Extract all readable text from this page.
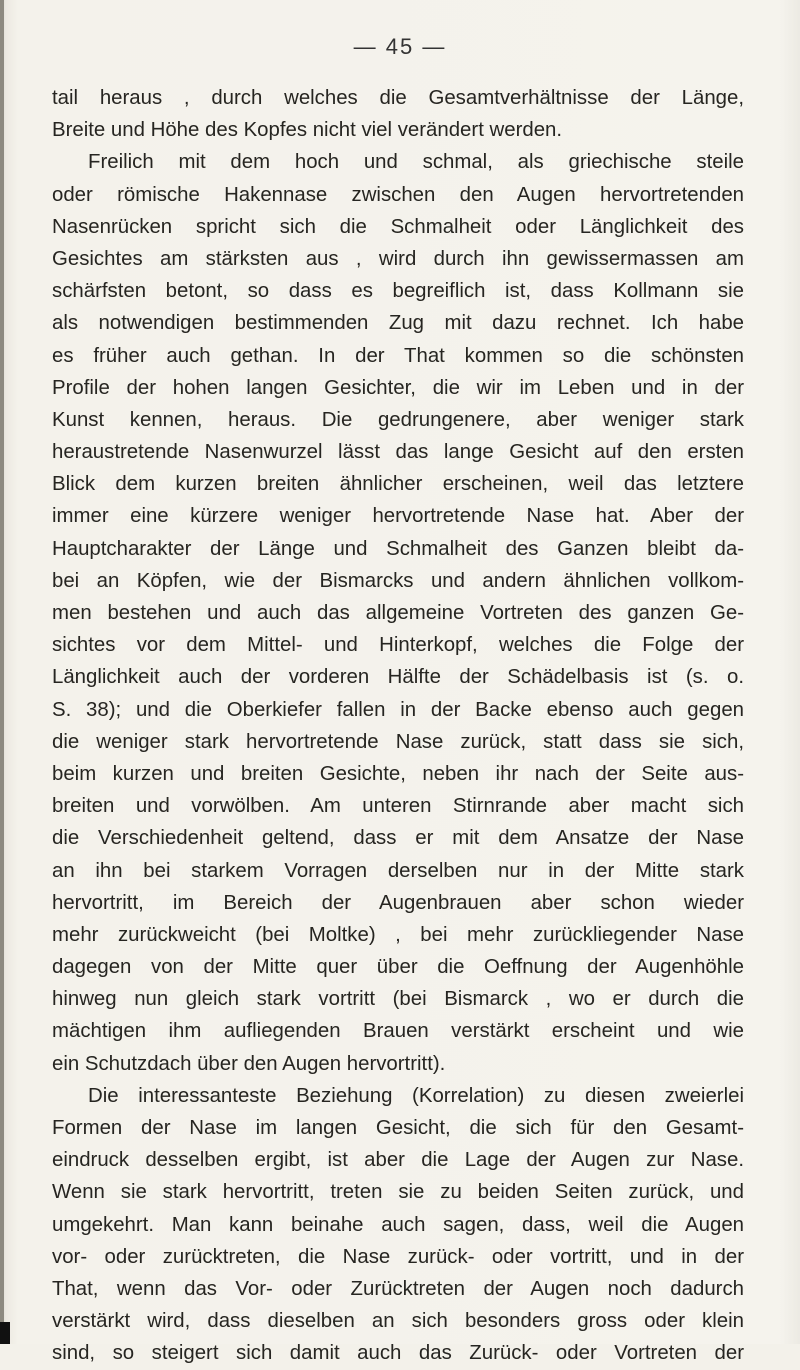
— 45 —
tail heraus , durch welches die Gesamtverhältnisse der Länge,
Breite und Höhe des Kopfes nicht viel verändert werden.
Freilich mit dem hoch und schmal, als griechische steile
oder römische Hakennase zwischen den Augen hervortretenden
Nasenrücken spricht sich die Schmalheit oder Länglichkeit des
Gesichtes am stärksten aus , wird durch ihn gewissermassen am
schärfsten betont, so dass es begreiflich ist, dass Kollmann sie
als notwendigen bestimmenden Zug mit dazu rechnet. Ich habe
es früher auch gethan. In der That kommen so die schönsten
Profile der hohen langen Gesichter, die wir im Leben und in der
Kunst kennen, heraus. Die gedrungenere, aber weniger stark
heraustretende Nasenwurzel lässt das lange Gesicht auf den ersten
Blick dem kurzen breiten ähnlicher erscheinen, weil das letztere
immer eine kürzere weniger hervortretende Nase hat. Aber der
Hauptcharakter der Länge und Schmalheit des Ganzen bleibt da-
bei an Köpfen, wie der Bismarcks und andern ähnlichen vollkom-
men bestehen und auch das allgemeine Vortreten des ganzen Ge-
sichtes vor dem Mittel- und Hinterkopf, welches die Folge der
Länglichkeit auch der vorderen Hälfte der Schädelbasis ist (s. o.
S. 38); und die Oberkiefer fallen in der Backe ebenso auch gegen
die weniger stark hervortretende Nase zurück, statt dass sie sich,
beim kurzen und breiten Gesichte, neben ihr nach der Seite aus-
breiten und vorwölben. Am unteren Stirnrande aber macht sich
die Verschiedenheit geltend, dass er mit dem Ansatze der Nase
an ihn bei starkem Vorragen derselben nur in der Mitte stark
hervortritt, im Bereich der Augenbrauen aber schon wieder
mehr zurückweicht (bei Moltke) , bei mehr zurückliegender Nase
dagegen von der Mitte quer über die Oeffnung der Augenhöhle
hinweg nun gleich stark vortritt (bei Bismarck , wo er durch die
mächtigen ihm aufliegenden Brauen verstärkt erscheint und wie
ein Schutzdach über den Augen hervortritt).
Die interessanteste Beziehung (Korrelation) zu diesen zweierlei
Formen der Nase im langen Gesicht, die sich für den Gesamt-
eindruck desselben ergibt, ist aber die Lage der Augen zur Nase.
Wenn sie stark hervortritt, treten sie zu beiden Seiten zurück, und
umgekehrt. Man kann beinahe auch sagen, dass, weil die Augen
vor- oder zurücktreten, die Nase zurück- oder vortritt, und in der
That, wenn das Vor- oder Zurücktreten der Augen noch dadurch
verstärkt wird, dass dieselben an sich besonders gross oder klein
sind, so steigert sich damit auch das Zurück- oder Vortreten der
